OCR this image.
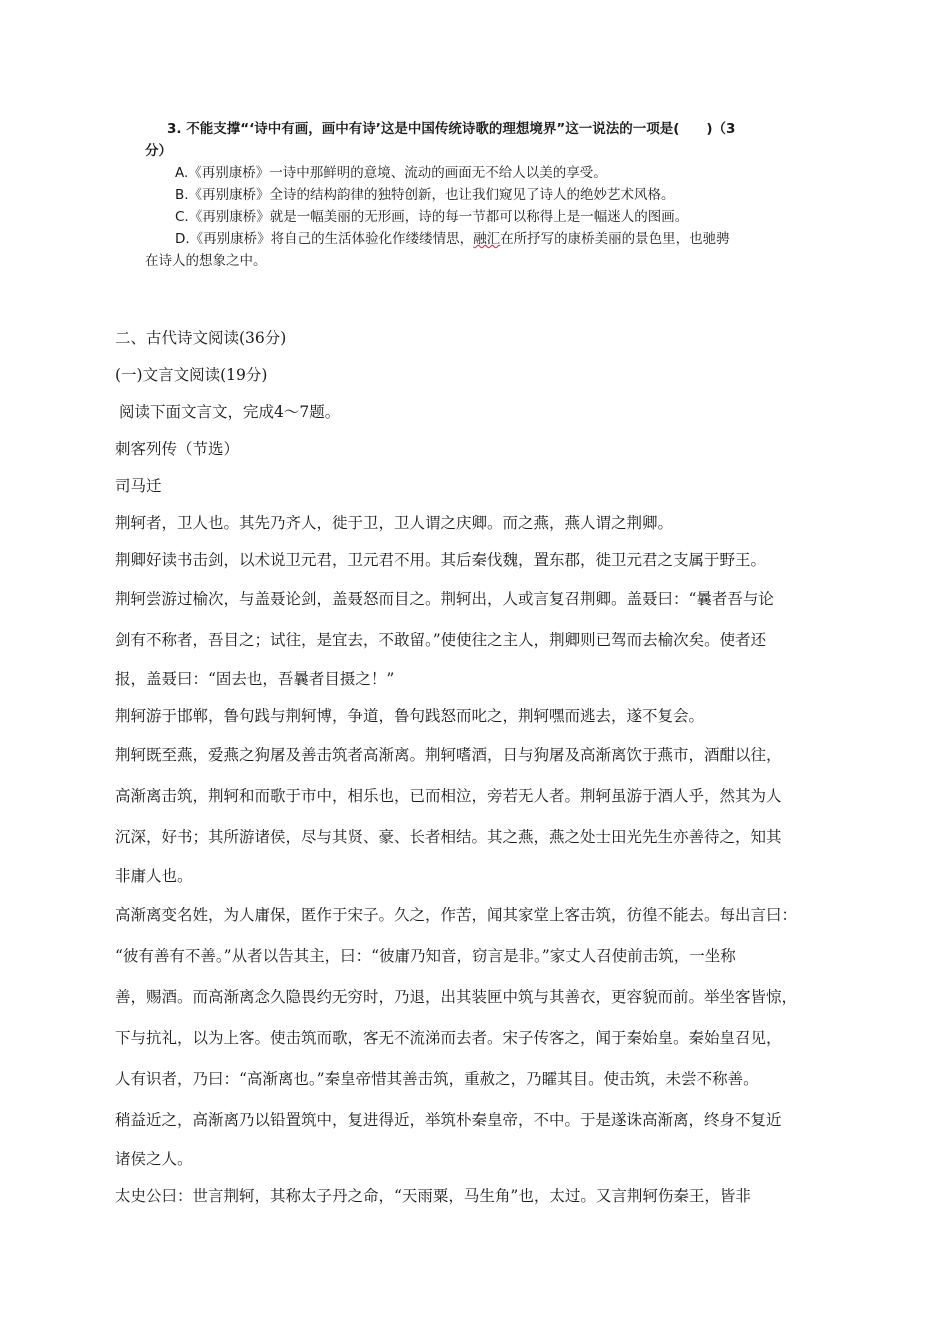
3. 不能支撑“‘诗中有画，画中有诗’这是中国传统诗歌的理想境界”这一说法的一项是(　　)（3
分）
A.《再别康桥》一诗中那鲜明的意境、流动的画面无不给人以美的享受。
B.《再别康桥》全诗的结构韵律的独特创新，也让我们窥见了诗人的绝妙艺术风格。
C.《再别康桥》就是一幅美丽的无形画，诗的每一节都可以称得上是一幅迷人的图画。
D.《再别康桥》将自己的生活体验化作缕缕情思，融汇在所抒写的康桥美丽的景色里，也驰骋
在诗人的想象之中。
二、古代诗文阅读(36分)
(一)文言文阅读(19分)
阅读下面文言文，完成4～7题。
刺客列传（节选）
司马迁
荆轲者，卫人也。其先乃齐人，徙于卫，卫人谓之庆卿。而之燕，燕人谓之荆卿。
荆卿好读书击剑，以术说卫元君，卫元君不用。其后秦伐魏，置东郡，徙卫元君之支属于野王。
荆轲尝游过榆次，与盖聂论剑，盖聂怒而目之。荆轲出，人或言复召荆卿。盖聂曰：“曩者吾与论
剑有不称者，吾目之；试往，是宜去，不敢留。”使使往之主人，荆卿则已驾而去榆次矣。使者还
报，盖聂曰：“固去也，吾曩者目摄之！”
荆轲游于邯郸，鲁句践与荆轲博，争道，鲁句践怒而叱之，荆轲嘿而逃去，遂不复会。
荆轲既至燕，爱燕之狗屠及善击筑者高渐离。荆轲嗜酒，日与狗屠及高渐离饮于燕市，酒酣以往，
高渐离击筑，荆轲和而歌于市中，相乐也，已而相泣，旁若无人者。荆轲虽游于酒人乎，然其为人
沉深，好书；其所游诸侯，尽与其贤、豪、长者相结。其之燕，燕之处士田光先生亦善待之，知其
非庸人也。
高渐离变名姓，为人庸保，匿作于宋子。久之，作苦，闻其家堂上客击筑，彷徨不能去。每出言曰：
“彼有善有不善。”从者以告其主，曰：“彼庸乃知音，窃言是非。”家丈人召使前击筑，一坐称
善，赐酒。而高渐离念久隐畏约无穷时，乃退，出其装匣中筑与其善衣，更容貌而前。举坐客皆惊，
下与抗礼，以为上客。使击筑而歌，客无不流涕而去者。宋子传客之，闻于秦始皇。秦始皇召见，
人有识者，乃曰：“高渐离也。”秦皇帝惜其善击筑，重赦之，乃矐其目。使击筑，未尝不称善。
稍益近之，高渐离乃以铅置筑中，复进得近，举筑朴秦皇帝，不中。于是遂诛高渐离，终身不复近
诸侯之人。
太史公曰：世言荆轲，其称太子丹之命，“天雨粟，马生角”也，太过。又言荆轲伤秦王，皆非
